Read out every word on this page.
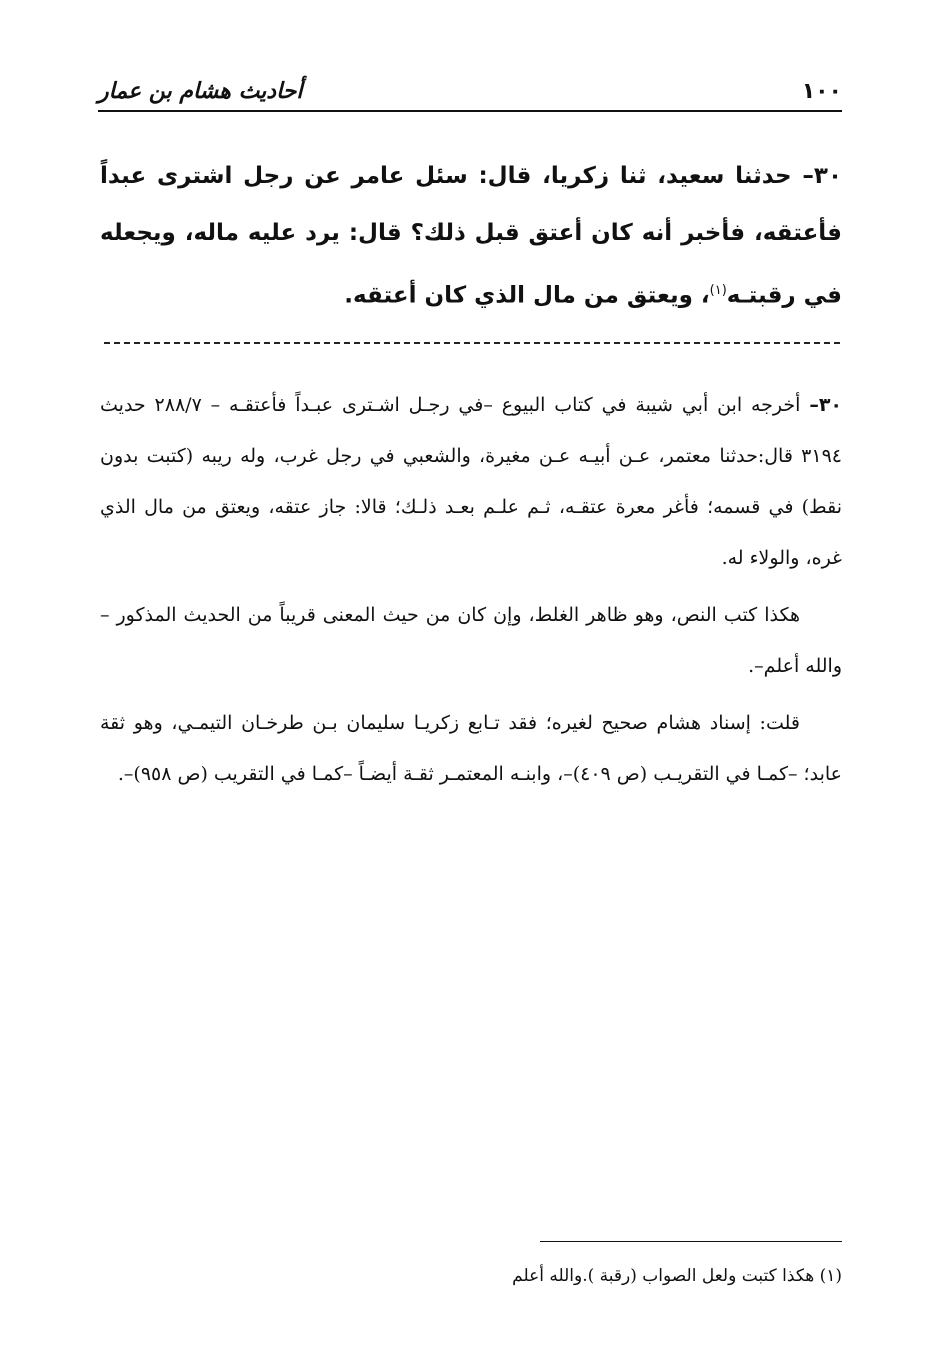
أحاديث هشام بن عمار	١٠٠

٣٠– حدثنا سعيد، ثنا زكريا، قال: سئل عامر عن رجل اشترى عبداً فأعتقه، فأخبر أنه كان أعتق قبل ذلك؟ قال: يرد عليه ماله، ويجعله في رقبتـه$^{(١)}$، ويعتق من مال الذي كان أعتقه.

٣٠– أخرجه ابن أبي شيبة في كتاب البيوع –في رجـل اشـترى عبـداً فأعتقـه – ٢٨٨/٧ حديث ٣١٩٤ قال:حدثنا معتمر، عـن أبيـه عـن مغيرة، والشعبي في رجل غرب، وله ريبه (كتبت بدون نقط) في قسمه؛ فأغر معرة عتقـه، ثـم علـم بعـد ذلـك؛ قالا: جاز عتقه، ويعتق من مال الذي غره، والولاء له.

هكذا كتب النص، وهو ظاهر الغلط، وإن كان من حيث المعنى قريباً من الحديث المذكور –والله أعلم–.

قلت: إسناد هشام صحيح لغيره؛ فقد تـابع زكريـا سليمان بـن طرخـان التيمـي، وهو ثقة عابد؛ –كمـا في التقريـب (ص ٤٠٩)–، وابنـه المعتمـر ثقـة أيضـاً –كمـا في التقريب (ص ٩٥٨)–.

(١) هكذا كتبت ولعل الصواب (رقبة ).والله أعلم
